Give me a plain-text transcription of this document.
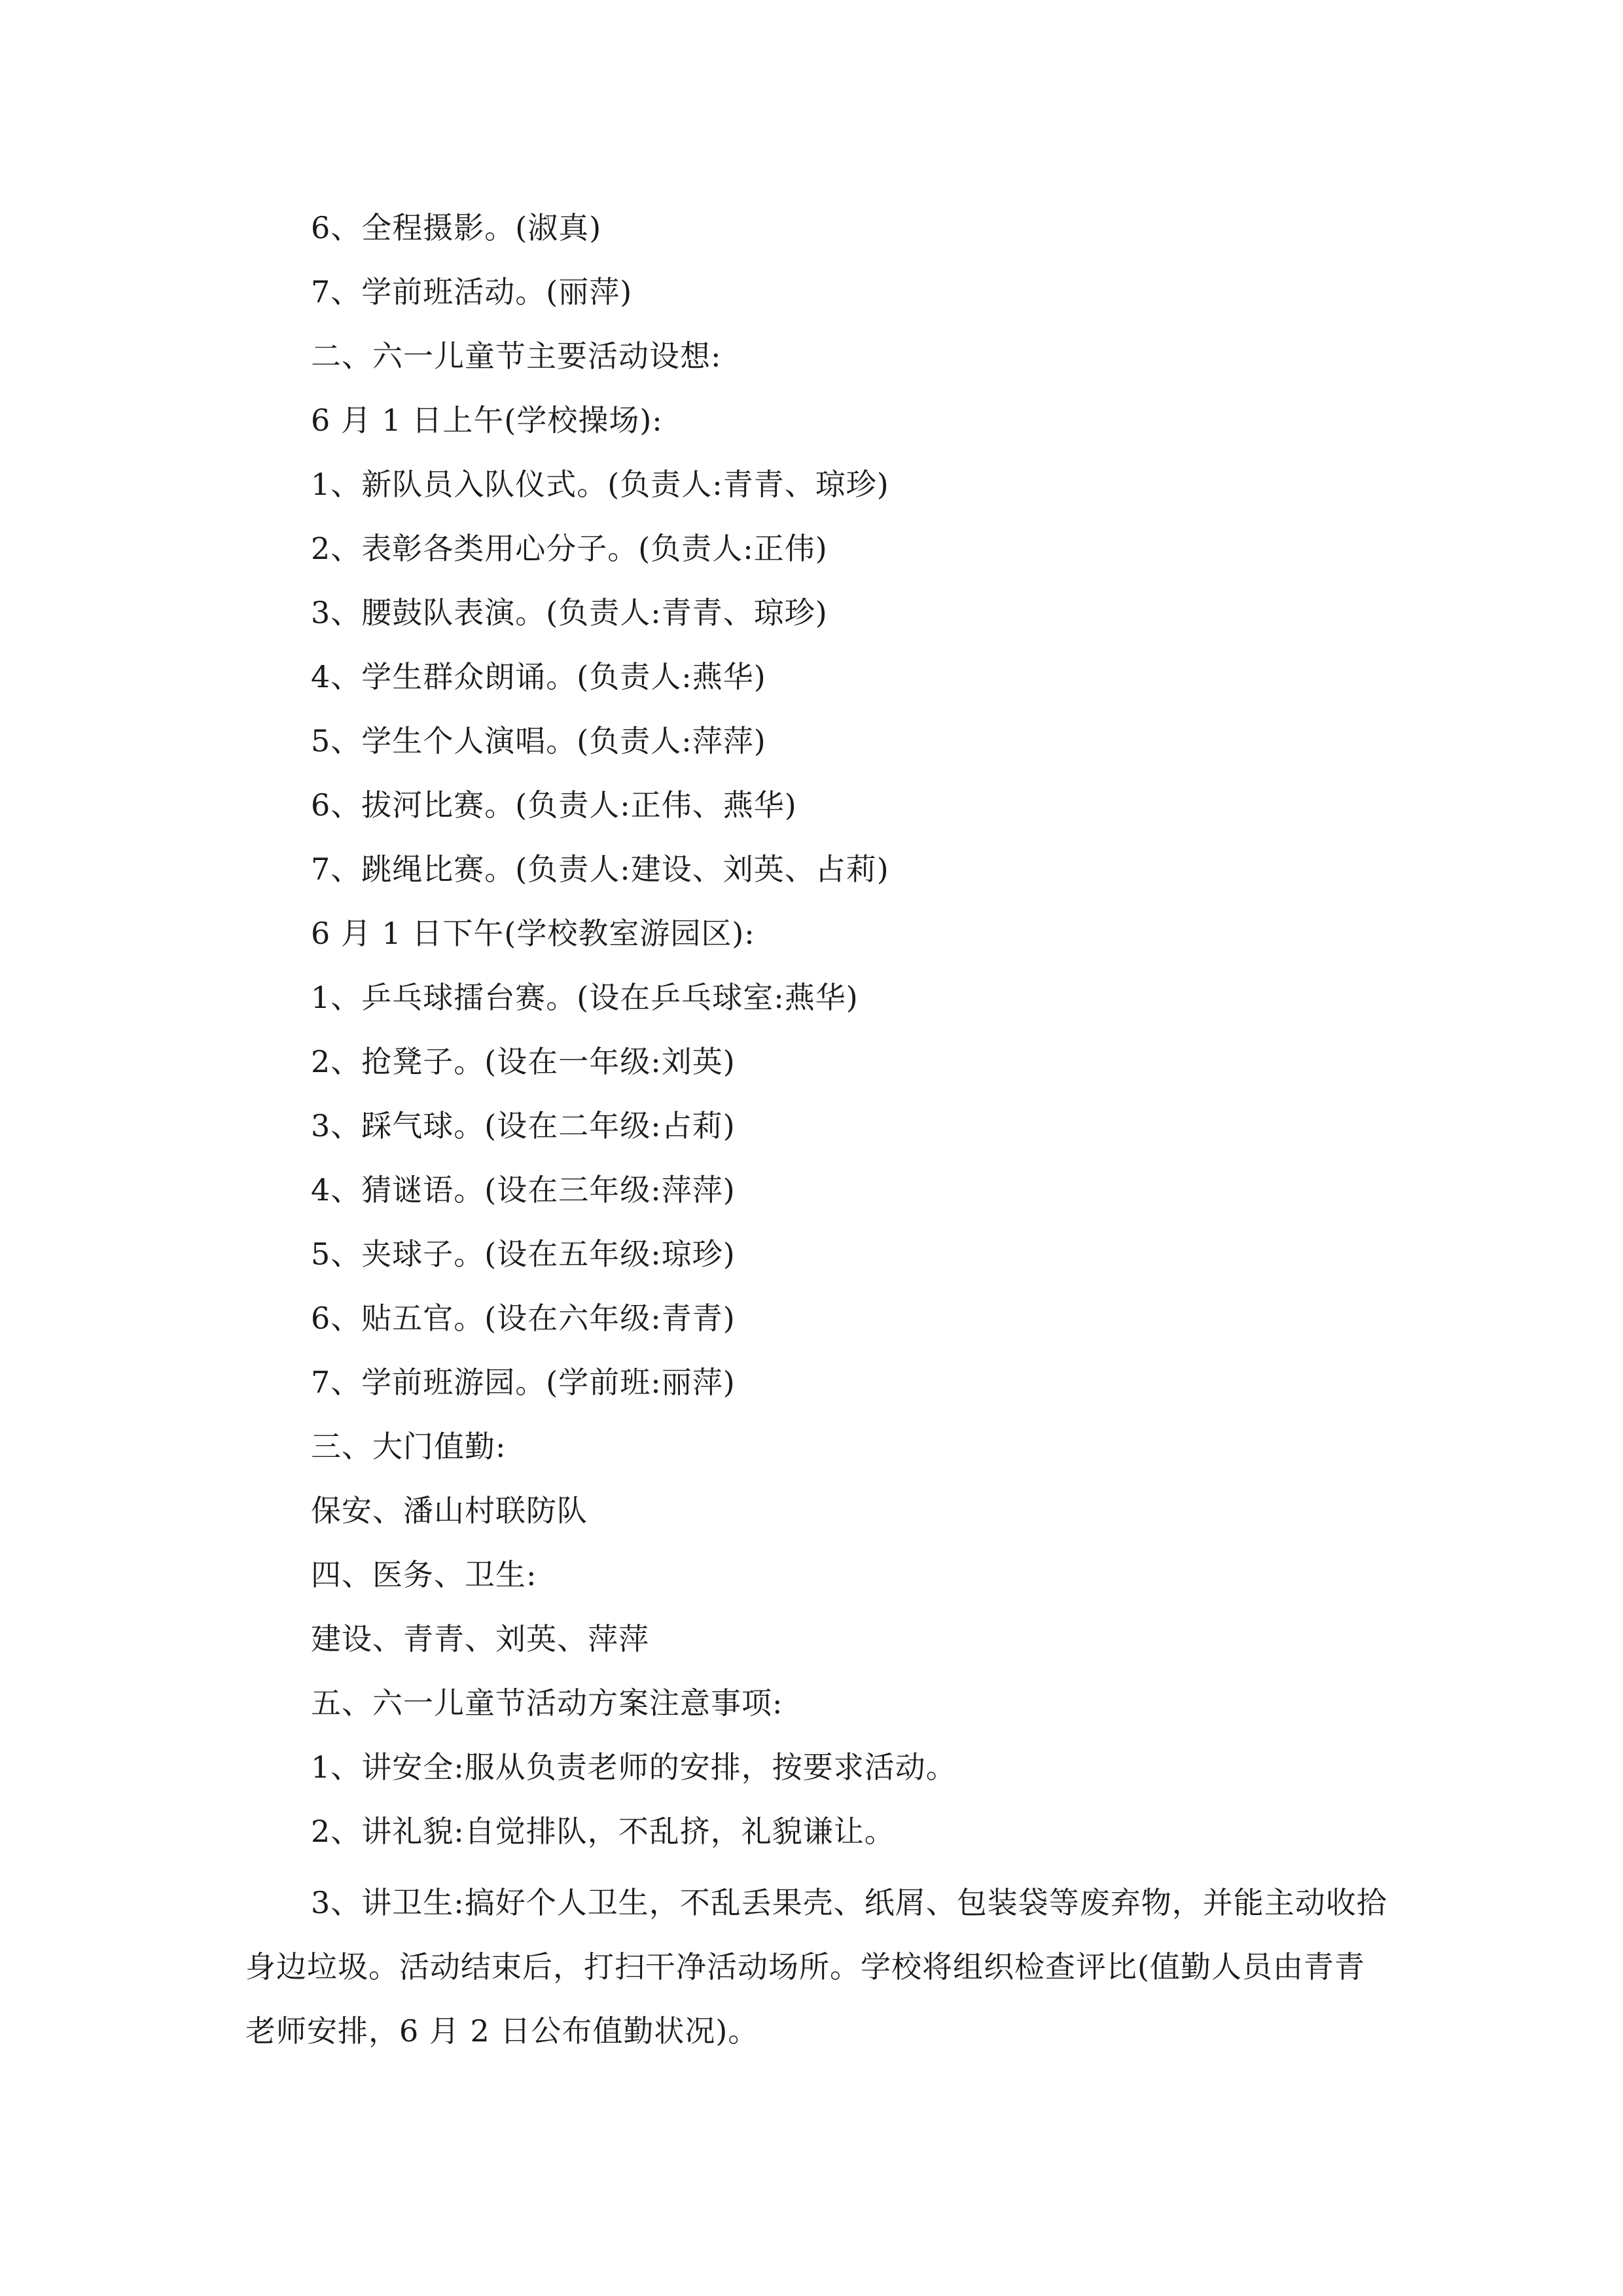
6、全程摄影。(淑真)
7、学前班活动。(丽萍)
二、六一儿童节主要活动设想:
6 月 1 日上午(学校操场):
1、新队员入队仪式。(负责人:青青、琼珍)
2、表彰各类用心分子。(负责人:正伟)
3、腰鼓队表演。(负责人:青青、琼珍)
4、学生群众朗诵。(负责人:燕华)
5、学生个人演唱。(负责人:萍萍)
6、拔河比赛。(负责人:正伟、燕华)
7、跳绳比赛。(负责人:建设、刘英、占莉)
6 月 1 日下午(学校教室游园区):
1、乒乓球擂台赛。(设在乒乓球室:燕华)
2、抢凳子。(设在一年级:刘英)
3、踩气球。(设在二年级:占莉)
4、猜谜语。(设在三年级:萍萍)
5、夹球子。(设在五年级:琼珍)
6、贴五官。(设在六年级:青青)
7、学前班游园。(学前班:丽萍)
三、大门值勤:
保安、潘山村联防队
四、医务、卫生:
建设、青青、刘英、萍萍
五、六一儿童节活动方案注意事项:
1、讲安全:服从负责老师的安排，按要求活动。
2、讲礼貌:自觉排队，不乱挤，礼貌谦让。
3、讲卫生:搞好个人卫生，不乱丢果壳、纸屑、包装袋等废弃物，并能主动收拾身边垃圾。活动结束后，打扫干净活动场所。学校将组织检查评比(值勤人员由青青老师安排，6 月 2 日公布值勤状况)。
